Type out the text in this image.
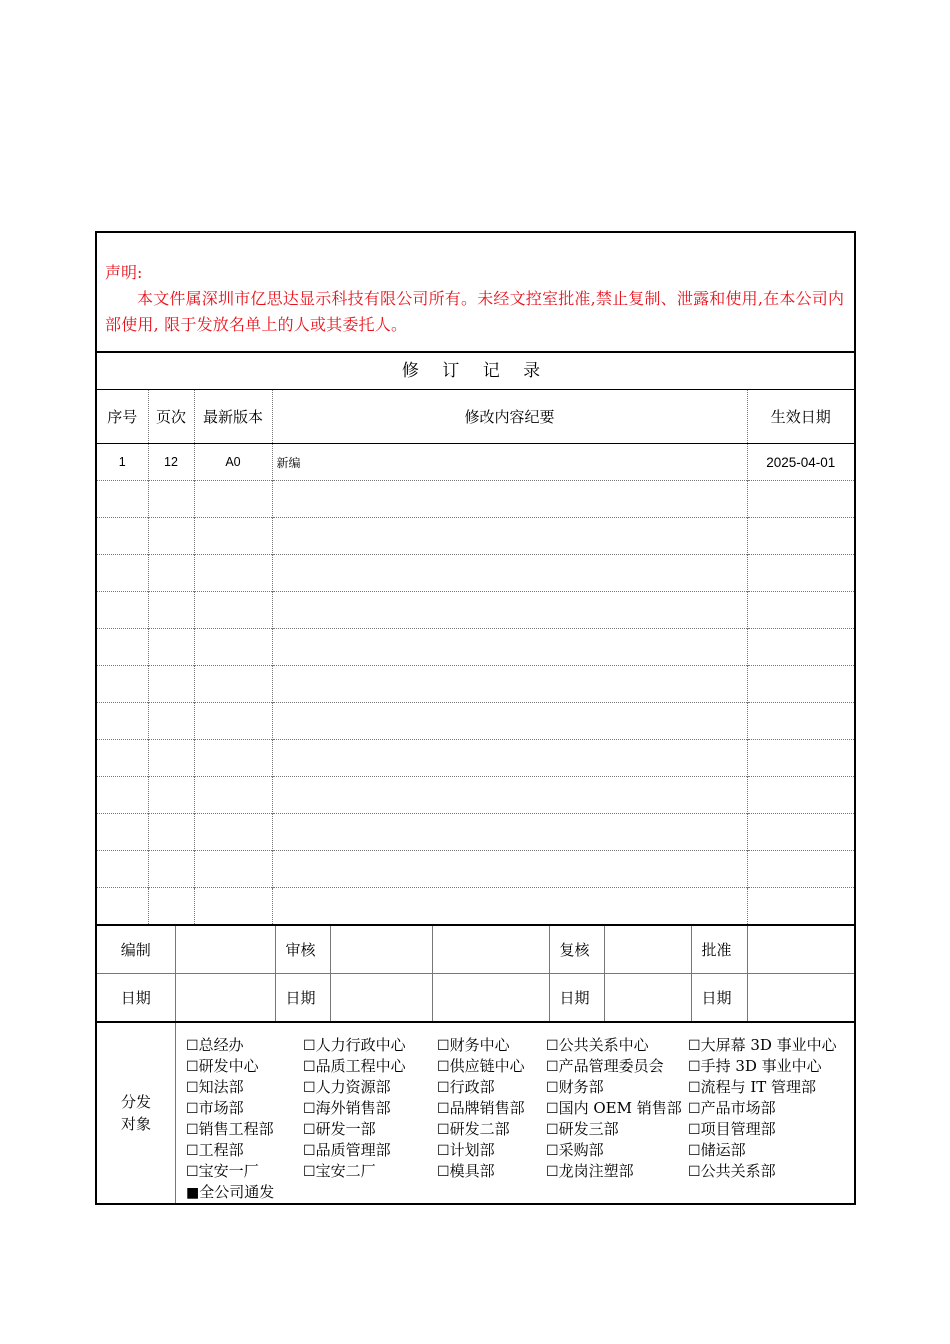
声明:
本文件属深圳市亿思达显示科技有限公司所有。未经文控室批准,禁止复制、泄露和使用,在本公司内部使用, 限于发放名单上的人或其委托人。
修 订 记 录
序号	页次	最新版本	修改内容纪要	生效日期
1	12	A0	新编	2025-04-01

编制		审核			复核		批准	
日期		日期			日期		日期	
分发
对象
☐总经办	☐人力行政中心	☐财务中心	☐公共关系中心	☐大屏幕 3D 事业中心
☐研发中心	☐品质工程中心	☐供应链中心	☐产品管理委员会	☐手持 3D 事业中心
☐知法部	☐人力资源部	☐行政部	☐财务部	☐流程与 IT 管理部
☐市场部	☐海外销售部	☐品牌销售部	☐国内 OEM 销售部 ☐产品市场部
☐销售工程部	☐研发一部	☐研发二部	☐研发三部	☐项目管理部
☐工程部	☐品质管理部	☐计划部	☐采购部	☐储运部
☐宝安一厂	☐宝安二厂	☐模具部	☐龙岗注塑部	☐公共关系部
■全公司通发
